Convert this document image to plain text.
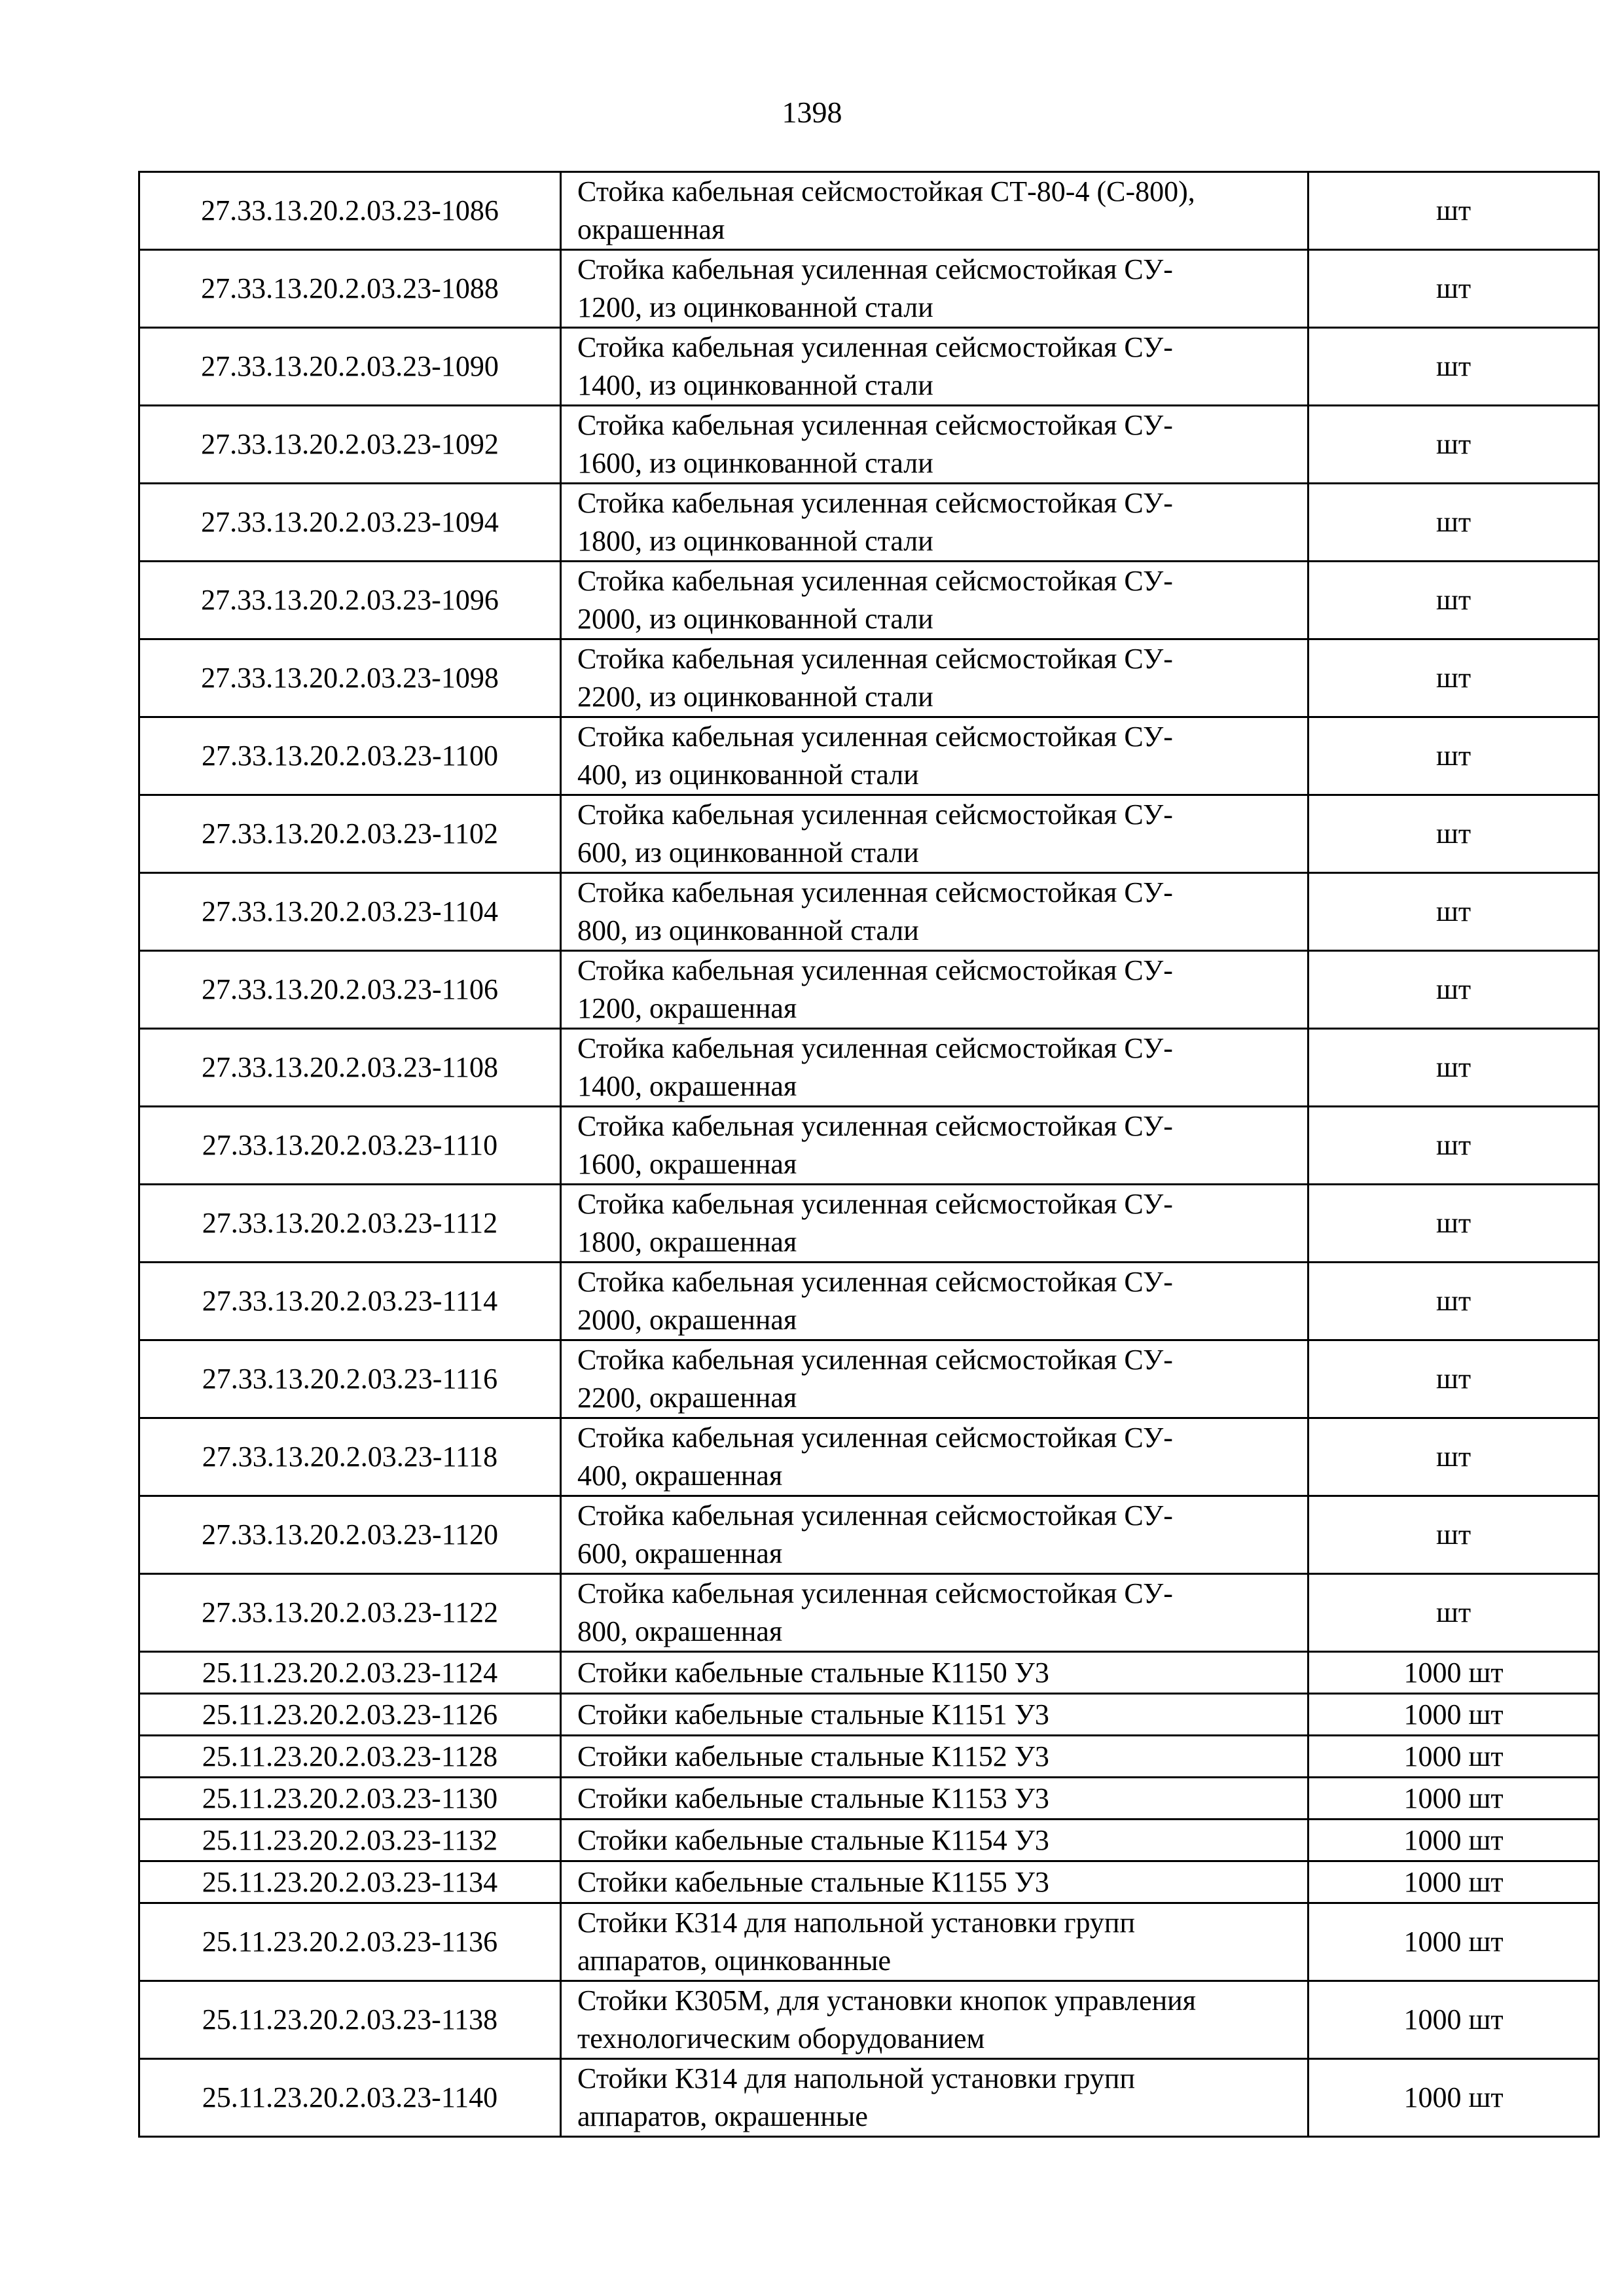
1398
27.33.13.20.2.03.23-1086	Стойка кабельная сейсмостойкая СТ-80-4 (С-800),
окрашенная	шт
27.33.13.20.2.03.23-1088	Стойка кабельная усиленная сейсмостойкая СУ-
1200, из оцинкованной стали	шт
27.33.13.20.2.03.23-1090	Стойка кабельная усиленная сейсмостойкая СУ-
1400, из оцинкованной стали	шт
27.33.13.20.2.03.23-1092	Стойка кабельная усиленная сейсмостойкая СУ-
1600, из оцинкованной стали	шт
27.33.13.20.2.03.23-1094	Стойка кабельная усиленная сейсмостойкая СУ-
1800, из оцинкованной стали	шт
27.33.13.20.2.03.23-1096	Стойка кабельная усиленная сейсмостойкая СУ-
2000, из оцинкованной стали	шт
27.33.13.20.2.03.23-1098	Стойка кабельная усиленная сейсмостойкая СУ-
2200, из оцинкованной стали	шт
27.33.13.20.2.03.23-1100	Стойка кабельная усиленная сейсмостойкая СУ-
400, из оцинкованной стали	шт
27.33.13.20.2.03.23-1102	Стойка кабельная усиленная сейсмостойкая СУ-
600, из оцинкованной стали	шт
27.33.13.20.2.03.23-1104	Стойка кабельная усиленная сейсмостойкая СУ-
800, из оцинкованной стали	шт
27.33.13.20.2.03.23-1106	Стойка кабельная усиленная сейсмостойкая СУ-
1200, окрашенная	шт
27.33.13.20.2.03.23-1108	Стойка кабельная усиленная сейсмостойкая СУ-
1400, окрашенная	шт
27.33.13.20.2.03.23-1110	Стойка кабельная усиленная сейсмостойкая СУ-
1600, окрашенная	шт
27.33.13.20.2.03.23-1112	Стойка кабельная усиленная сейсмостойкая СУ-
1800, окрашенная	шт
27.33.13.20.2.03.23-1114	Стойка кабельная усиленная сейсмостойкая СУ-
2000, окрашенная	шт
27.33.13.20.2.03.23-1116	Стойка кабельная усиленная сейсмостойкая СУ-
2200, окрашенная	шт
27.33.13.20.2.03.23-1118	Стойка кабельная усиленная сейсмостойкая СУ-
400, окрашенная	шт
27.33.13.20.2.03.23-1120	Стойка кабельная усиленная сейсмостойкая СУ-
600, окрашенная	шт
27.33.13.20.2.03.23-1122	Стойка кабельная усиленная сейсмостойкая СУ-
800, окрашенная	шт
25.11.23.20.2.03.23-1124	Стойки кабельные стальные К1150 У3	1000 шт
25.11.23.20.2.03.23-1126	Стойки кабельные стальные К1151 У3	1000 шт
25.11.23.20.2.03.23-1128	Стойки кабельные стальные К1152 У3	1000 шт
25.11.23.20.2.03.23-1130	Стойки кабельные стальные К1153 У3	1000 шт
25.11.23.20.2.03.23-1132	Стойки кабельные стальные К1154 У3	1000 шт
25.11.23.20.2.03.23-1134	Стойки кабельные стальные К1155 У3	1000 шт
25.11.23.20.2.03.23-1136	Стойки К314 для напольной установки групп
аппаратов, оцинкованные	1000 шт
25.11.23.20.2.03.23-1138	Стойки К305М, для установки кнопок управления
технологическим оборудованием	1000 шт
25.11.23.20.2.03.23-1140	Стойки К314 для напольной установки групп
аппаратов, окрашенные	1000 шт
